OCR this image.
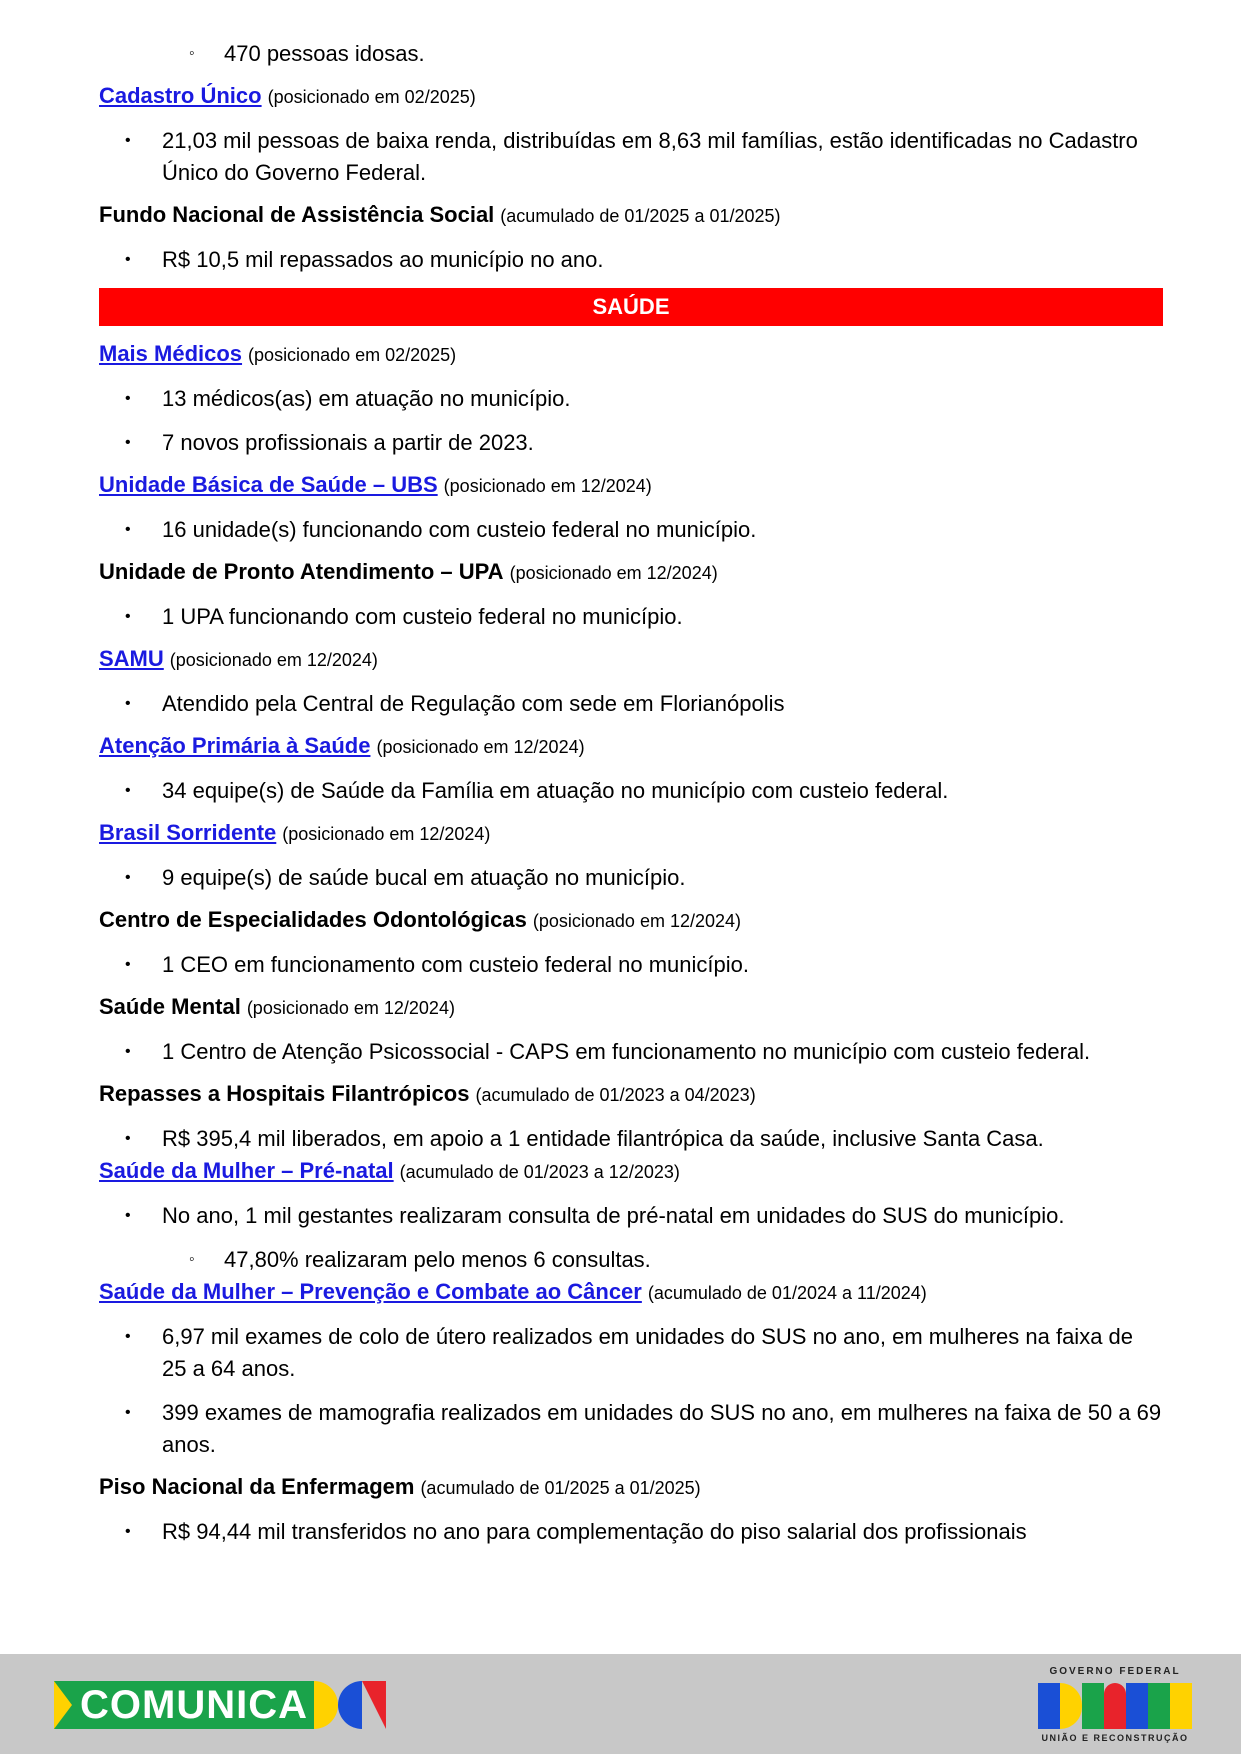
◦ 470 pessoas idosas.
Cadastro Único (posicionado em 02/2025)
• 21,03 mil pessoas de baixa renda, distribuídas em 8,63 mil famílias, estão identificadas no Cadastro Único do Governo Federal.
Fundo Nacional de Assistência Social (acumulado de 01/2025 a 01/2025)
• R$ 10,5 mil repassados ao município no ano.
SAÚDE
Mais Médicos (posicionado em 02/2025)
• 13 médicos(as) em atuação no município.
• 7 novos profissionais a partir de 2023.
Unidade Básica de Saúde – UBS (posicionado em 12/2024)
• 16 unidade(s) funcionando com custeio federal no município.
Unidade de Pronto Atendimento – UPA (posicionado em 12/2024)
• 1 UPA funcionando com custeio federal no município.
SAMU (posicionado em 12/2024)
• Atendido pela Central de Regulação com sede em Florianópolis
Atenção Primária à Saúde (posicionado em 12/2024)
• 34 equipe(s) de Saúde da Família em atuação no município com custeio federal.
Brasil Sorridente (posicionado em 12/2024)
• 9 equipe(s) de saúde bucal em atuação no município.
Centro de Especialidades Odontológicas (posicionado em 12/2024)
• 1 CEO em funcionamento com custeio federal no município.
Saúde Mental (posicionado em 12/2024)
• 1 Centro de Atenção Psicossocial - CAPS em funcionamento no município com custeio federal.
Repasses a Hospitais Filantrópicos (acumulado de 01/2023 a 04/2023)
• R$ 395,4 mil liberados, em apoio a 1 entidade filantrópica da saúde, inclusive Santa Casa.
Saúde da Mulher – Pré-natal (acumulado de 01/2023 a 12/2023)
• No ano, 1 mil gestantes realizaram consulta de pré-natal em unidades do SUS do município.
◦ 47,80% realizaram pelo menos 6 consultas.
Saúde da Mulher – Prevenção e Combate ao Câncer (acumulado de 01/2024 a 11/2024)
• 6,97 mil exames de colo de útero realizados em unidades do SUS no ano, em mulheres na faixa de 25 a 64 anos.
• 399 exames de mamografia realizados em unidades do SUS no ano, em mulheres na faixa de 50 a 69 anos.
Piso Nacional da Enfermagem (acumulado de 01/2025 a 01/2025)
• R$ 94,44 mil transferidos no ano para complementação do piso salarial dos profissionais
COMUNICA
GOVERNO FEDERAL
UNIÃO E RECONSTRUÇÃO
